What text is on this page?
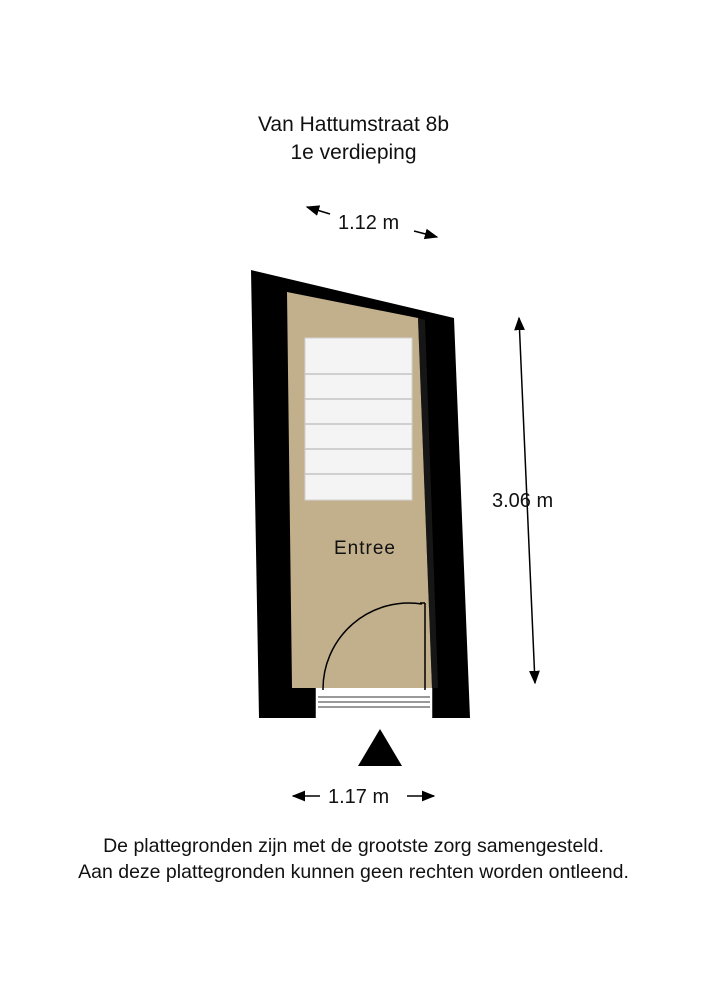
Van Hattumstraat 8b
1e verdieping
Entree
1.12 m
3.06 m
1.17 m
De plattegronden zijn met de grootste zorg samengesteld.
Aan deze plattegronden kunnen geen rechten worden ontleend.
